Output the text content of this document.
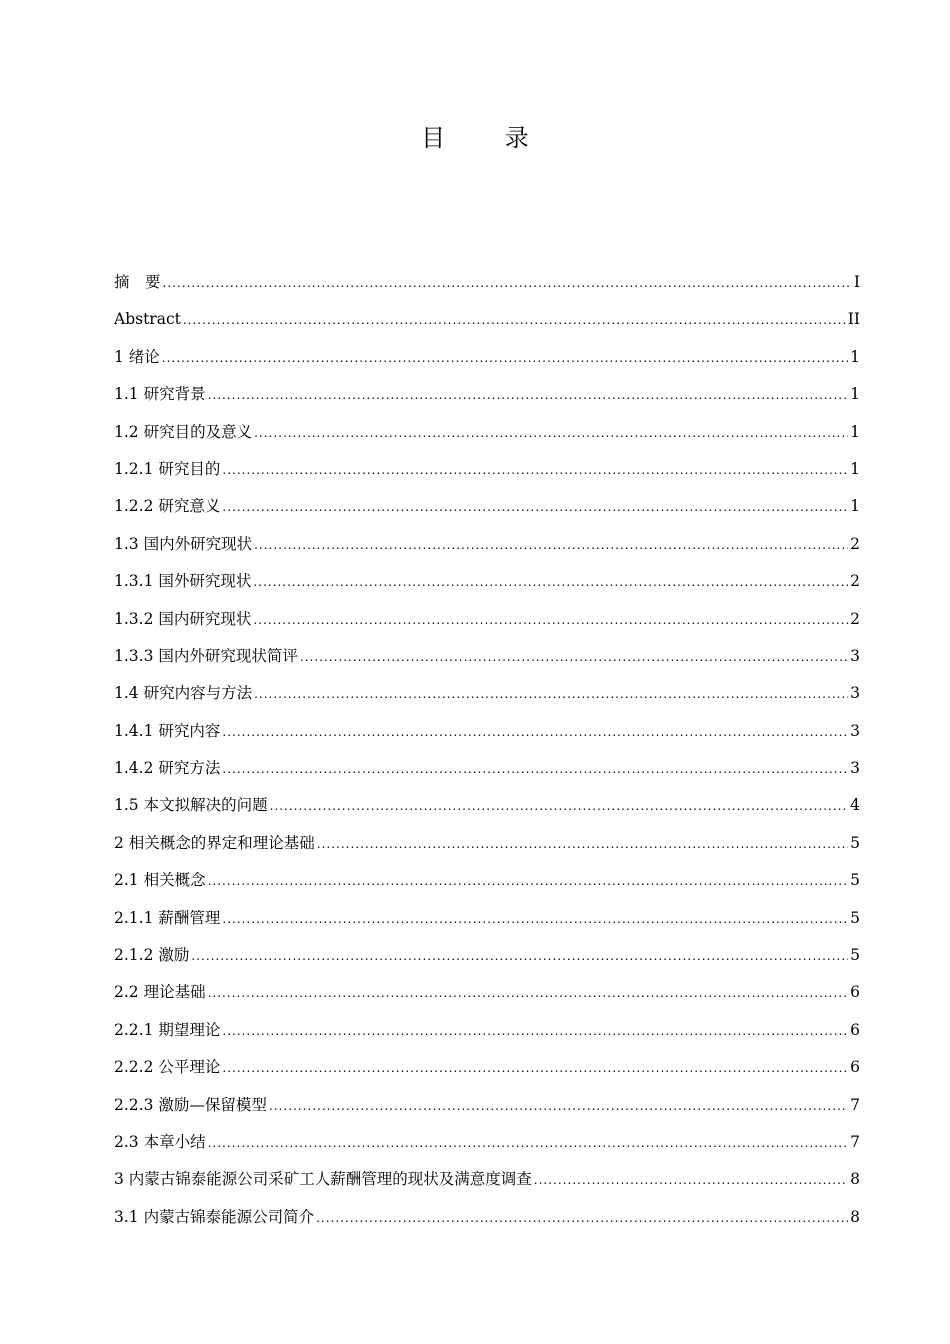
目 录
摘　要 .....	I
Abstract .....	II
1 绪论 .....	1
1.1 研究背景 .....	1
1.2 研究目的及意义 .....	1
1.2.1 研究目的 .....	1
1.2.2 研究意义 .....	1
1.3 国内外研究现状 .....	2
1.3.1 国外研究现状 .....	2
1.3.2 国内研究现状 .....	2
1.3.3 国内外研究现状简评 .....	3
1.4 研究内容与方法 .....	3
1.4.1 研究内容 .....	3
1.4.2 研究方法 .....	3
1.5 本文拟解决的问题 .....	4
2 相关概念的界定和理论基础 .....	5
2.1 相关概念 .....	5
2.1.1 薪酬管理 .....	5
2.1.2 激励 .....	5
2.2 理论基础 .....	6
2.2.1 期望理论 .....	6
2.2.2 公平理论 .....	6
2.2.3 激励—保留模型 .....	7
2.3 本章小结 .....	7
3 内蒙古锦泰能源公司采矿工人薪酬管理的现状及满意度调查 .....	8
3.1 内蒙古锦泰能源公司简介 .....	8
